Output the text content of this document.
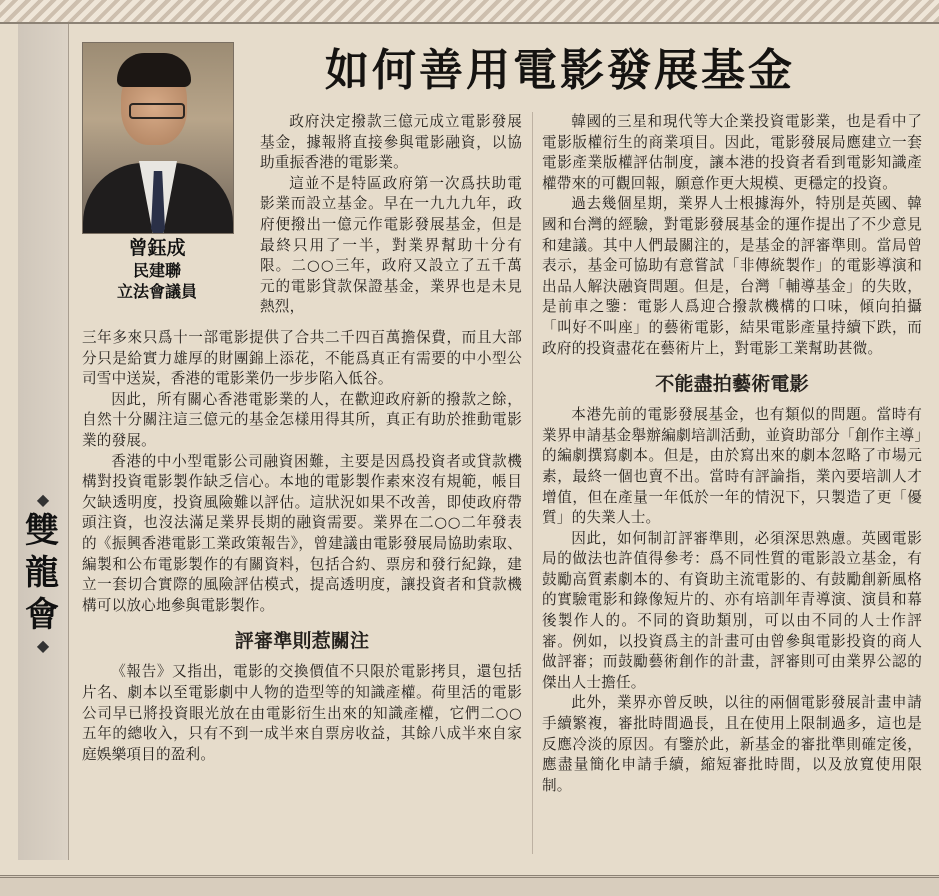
◆
雙
龍
會
◆
曾鈺成
民建聯
立法會議員
如何善用電影發展基金

政府決定撥款三億元成立電影發展基金，據報將直接參與電影融資，以協助重振香港的電影業。

這並不是特區政府第一次爲扶助電影業而設立基金。早在一九九九年，政府便撥出一億元作電影發展基金，但是最終只用了一半，對業界幫助十分有限。二○○三年，政府又設立了五千萬元的電影貸款保證基金，業界也是未見熱烈，

三年多來只爲十一部電影提供了合共二千四百萬擔保費，而且大部分只是給實力雄厚的財團錦上添花，不能爲真正有需要的中小型公司雪中送炭，香港的電影業仍一步步陷入低谷。

因此，所有關心香港電影業的人，在歡迎政府新的撥款之餘，自然十分關注這三億元的基金怎樣用得其所，真正有助於推動電影業的發展。

香港的中小型電影公司融資困難，主要是因爲投資者或貸款機構對投資電影製作缺乏信心。本地的電影製作素來沒有規範，帳目欠缺透明度，投資風險難以評估。這狀況如果不改善，即使政府帶頭注資，也沒法滿足業界長期的融資需要。業界在二○○二年發表的《振興香港電影工業政策報告》，曾建議由電影發展局協助索取、編製和公布電影製作的有關資料，包括合約、票房和發行紀錄，建立一套切合實際的風險評估模式，提高透明度，讓投資者和貸款機構可以放心地參與電影製作。

評審準則惹關注

《報告》又指出，電影的交換價值不只限於電影拷貝，還包括片名、劇本以至電影劇中人物的造型等的知識產權。荷里活的電影公司早已將投資眼光放在由電影衍生出來的知識產權，它們二○○五年的總收入，只有不到一成半來自票房收益，其餘八成半來自家庭娛樂項目的盈利。

韓國的三星和現代等大企業投資電影業，也是看中了電影版權衍生的商業項目。因此，電影發展局應建立一套電影產業版權評估制度，讓本港的投資者看到電影知識產權帶來的可觀回報，願意作更大規模、更穩定的投資。

過去幾個星期，業界人士根據海外，特別是英國、韓國和台灣的經驗，對電影發展基金的運作提出了不少意見和建議。其中人們最關注的，是基金的評審準則。當局曾表示，基金可協助有意嘗試「非傳統製作」的電影導演和出品人解決融資問題。但是，台灣「輔導基金」的失敗，是前車之鑒：電影人爲迎合撥款機構的口味，傾向拍攝「叫好不叫座」的藝術電影，結果電影產量持續下跌，而政府的投資盡花在藝術片上，對電影工業幫助甚微。

不能盡拍藝術電影

本港先前的電影發展基金，也有類似的問題。當時有業界申請基金舉辦編劇培訓活動，並資助部分「創作主導」的編劇撰寫劇本。但是，由於寫出來的劇本忽略了市場元素，最終一個也賣不出。當時有評論指，業內要培訓人才增值，但在產量一年低於一年的情況下，只製造了更「優質」的失業人士。

因此，如何制訂評審準則，必須深思熟慮。英國電影局的做法也許值得參考：爲不同性質的電影設立基金，有鼓勵高質素劇本的、有資助主流電影的、有鼓勵創新風格的實驗電影和錄像短片的、亦有培訓年青導演、演員和幕後製作人的。不同的資助類別，可以由不同的人士作評審。例如，以投資爲主的計畫可由曾參與電影投資的商人做評審；而鼓勵藝術創作的計畫，評審則可由業界公認的傑出人士擔任。

此外，業界亦曾反映，以往的兩個電影發展計畫申請手續繁複，審批時間過長，且在使用上限制過多，這也是反應冷淡的原因。有鑒於此，新基金的審批準則確定後，應盡量簡化申請手續，縮短審批時間，以及放寬使用限制。
